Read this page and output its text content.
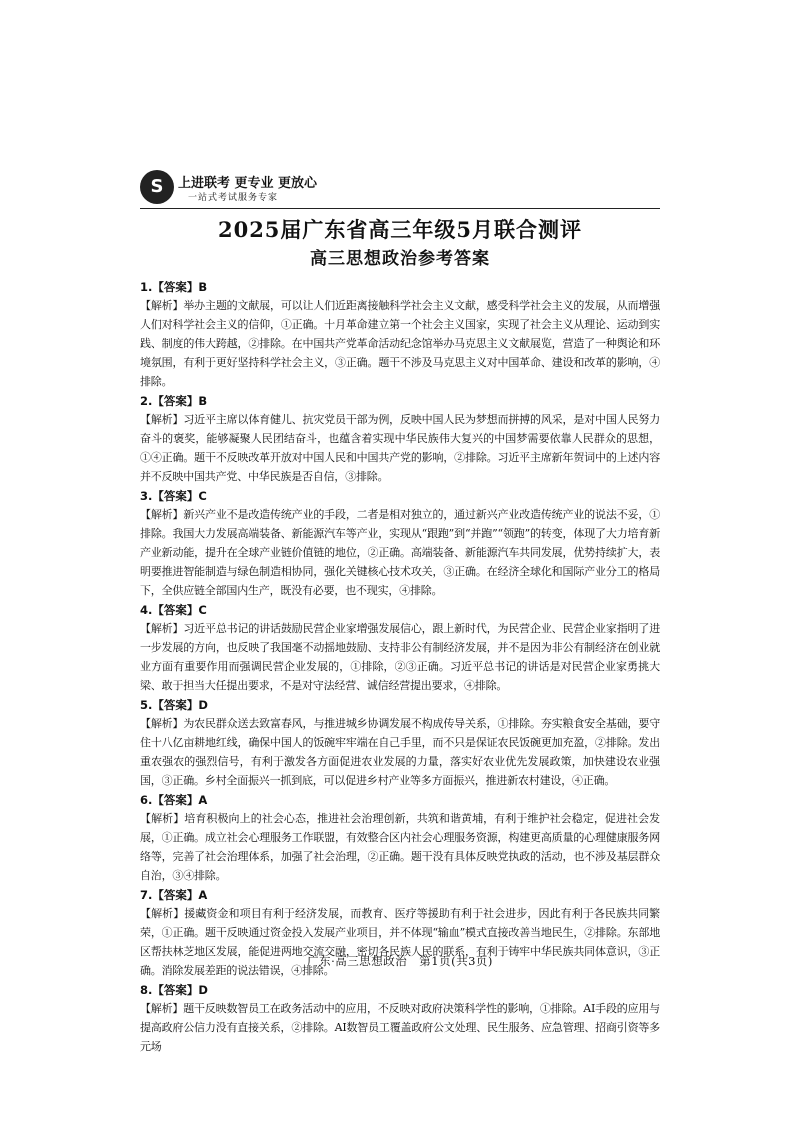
S	上进联考 更专业 更放心
一站式考试服务专家
2025届广东省高三年级5月联合测评
高三思想政治参考答案

1.【答案】B

【解析】举办主题的文献展，可以让人们近距离接触科学社会主义文献，感受科学社会主义的发展，从而增强人们对科学社会主义的信仰，①正确。十月革命建立第一个社会主义国家，实现了社会主义从理论、运动到实践、制度的伟大跨越，②排除。在中国共产党革命活动纪念馆举办马克思主义文献展览，营造了一种舆论和环境氛围，有利于更好坚持科学社会主义，③正确。题干不涉及马克思主义对中国革命、建设和改革的影响，④排除。

2.【答案】B

【解析】习近平主席以体育健儿、抗灾党员干部为例，反映中国人民为梦想而拼搏的风采，是对中国人民努力奋斗的褒奖，能够凝聚人民团结奋斗，也蕴含着实现中华民族伟大复兴的中国梦需要依靠人民群众的思想，①④正确。题干不反映改革开放对中国人民和中国共产党的影响，②排除。习近平主席新年贺词中的上述内容并不反映中国共产党、中华民族是否自信，③排除。

3.【答案】C

【解析】新兴产业不是改造传统产业的手段，二者是相对独立的，通过新兴产业改造传统产业的说法不妥，①排除。我国大力发展高端装备、新能源汽车等产业，实现从“跟跑”到“并跑”“领跑”的转变，体现了大力培育新产业新动能，提升在全球产业链价值链的地位，②正确。高端装备、新能源汽车共同发展，优势持续扩大，表明要推进智能制造与绿色制造相协同，强化关键核心技术攻关，③正确。在经济全球化和国际产业分工的格局下，全供应链全部国内生产，既没有必要，也不现实，④排除。

4.【答案】C

【解析】习近平总书记的讲话鼓励民营企业家增强发展信心，跟上新时代，为民营企业、民营企业家指明了进一步发展的方向，也反映了我国毫不动摇地鼓励、支持非公有制经济发展，并不是因为非公有制经济在创业就业方面有重要作用而强调民营企业发展的，①排除，②③正确。习近平总书记的讲话是对民营企业家勇挑大梁、敢于担当大任提出要求，不是对守法经营、诚信经营提出要求，④排除。

5.【答案】D

【解析】为农民群众送去致富春风，与推进城乡协调发展不构成传导关系，①排除。夯实粮食安全基础，要守住十八亿亩耕地红线，确保中国人的饭碗牢牢端在自己手里，而不只是保证农民饭碗更加充盈，②排除。发出重农强农的强烈信号，有利于激发各方面促进农业发展的力量，落实好农业优先发展政策，加快建设农业强国，③正确。乡村全面振兴一抓到底，可以促进乡村产业等多方面振兴，推进新农村建设，④正确。

6.【答案】A

【解析】培育积极向上的社会心态，推进社会治理创新，共筑和谐黄埔，有利于维护社会稳定，促进社会发展，①正确。成立社会心理服务工作联盟，有效整合区内社会心理服务资源，构建更高质量的心理健康服务网络等，完善了社会治理体系，加强了社会治理，②正确。题干没有具体反映党执政的活动，也不涉及基层群众自治，③④排除。

7.【答案】A

【解析】援藏资金和项目有利于经济发展，而教育、医疗等援助有利于社会进步，因此有利于各民族共同繁荣，①正确。题干反映通过资金投入发展产业项目，并不体现“输血”模式直接改善当地民生，②排除。东部地区帮扶林芝地区发展，能促进两地交流交融，密切各民族人民的联系，有利于铸牢中华民族共同体意识，③正确。消除发展差距的说法错误，④排除。

8.【答案】D

【解析】题干反映数智员工在政务活动中的应用，不反映对政府决策科学性的影响，①排除。AI手段的应用与提高政府公信力没有直接关系，②排除。AI数智员工覆盖政府公文处理、民生服务、应急管理、招商引资等多元场

广东·高三思想政治　第1页(共3页)
